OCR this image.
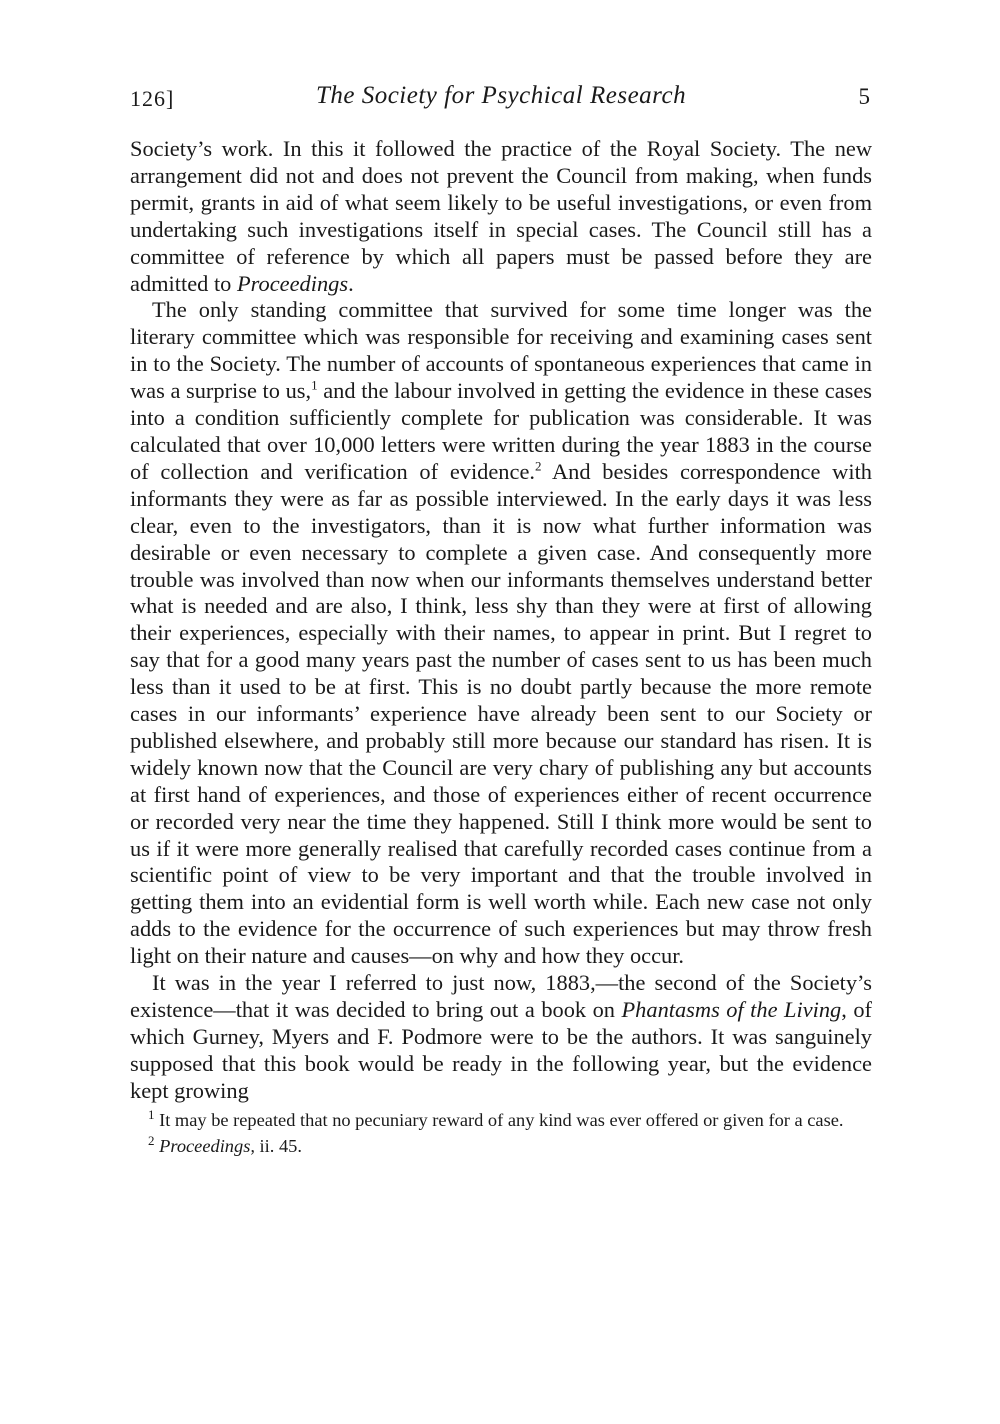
126]	The Society for Psychical Research	5

Society’s work. In this it followed the practice of the Royal Society. The new arrangement did not and does not prevent the Council from making, when funds permit, grants in aid of what seem likely to be useful investigations, or even from undertaking such investigations itself in special cases. The Council still has a committee of reference by which all papers must be passed before they are admitted to Proceedings.

The only standing committee that survived for some time longer was the literary committee which was responsible for receiving and examining cases sent in to the Society. The number of accounts of spontaneous experiences that came in was a surprise to us,$^1$ and the labour involved in getting the evidence in these cases into a condition sufficiently complete for publication was considerable. It was calculated that over 10,000 letters were written during the year 1883 in the course of collection and verification of evidence.$^2$ And besides correspondence with informants they were as far as possible interviewed. In the early days it was less clear, even to the investigators, than it is now what further information was desirable or even necessary to complete a given case. And consequently more trouble was involved than now when our informants themselves understand better what is needed and are also, I think, less shy than they were at first of allowing their experiences, especially with their names, to appear in print. But I regret to say that for a good many years past the number of cases sent to us has been much less than it used to be at first. This is no doubt partly because the more remote cases in our informants’ experience have already been sent to our Society or published elsewhere, and probably still more because our standard has risen. It is widely known now that the Council are very chary of publishing any but accounts at first hand of experiences, and those of experiences either of recent occurrence or recorded very near the time they happened. Still I think more would be sent to us if it were more generally realised that carefully recorded cases continue from a scientific point of view to be very important and that the trouble involved in getting them into an evidential form is well worth while. Each new case not only adds to the evidence for the occurrence of such experiences but may throw fresh light on their nature and causes—on why and how they occur.

It was in the year I referred to just now, 1883,—the second of the Society’s existence—that it was decided to bring out a book on Phantasms of the Living, of which Gurney, Myers and F. Podmore were to be the authors. It was sanguinely supposed that this book would be ready in the following year, but the evidence kept growing

$^1$ It may be repeated that no pecuniary reward of any kind was ever offered or given for a case.

$^2$ Proceedings, ii. 45.
